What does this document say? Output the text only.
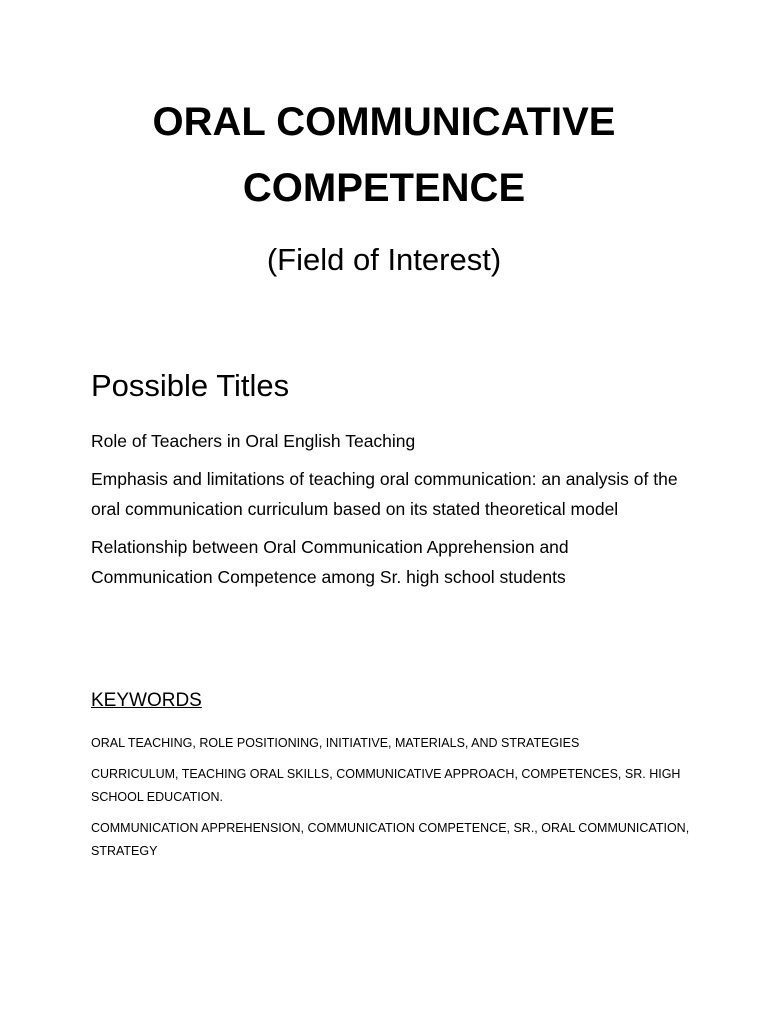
ORAL COMMUNICATIVE
COMPETENCE

(Field of Interest)

Possible Titles
Role of Teachers in Oral English Teaching
Emphasis and limitations of teaching oral communication: an analysis of the oral communication curriculum based on its stated theoretical model
Relationship between Oral Communication Apprehension and Communication Competence among Sr. high school students
KEYWORDS
ORAL TEACHING, ROLE POSITIONING, INITIATIVE, MATERIALS, AND STRATEGIES
CURRICULUM, TEACHING ORAL SKILLS, COMMUNICATIVE APPROACH, COMPETENCES, SR. HIGH SCHOOL EDUCATION.
COMMUNICATION APPREHENSION, COMMUNICATION COMPETENCE, SR., ORAL COMMUNICATION, STRATEGY
